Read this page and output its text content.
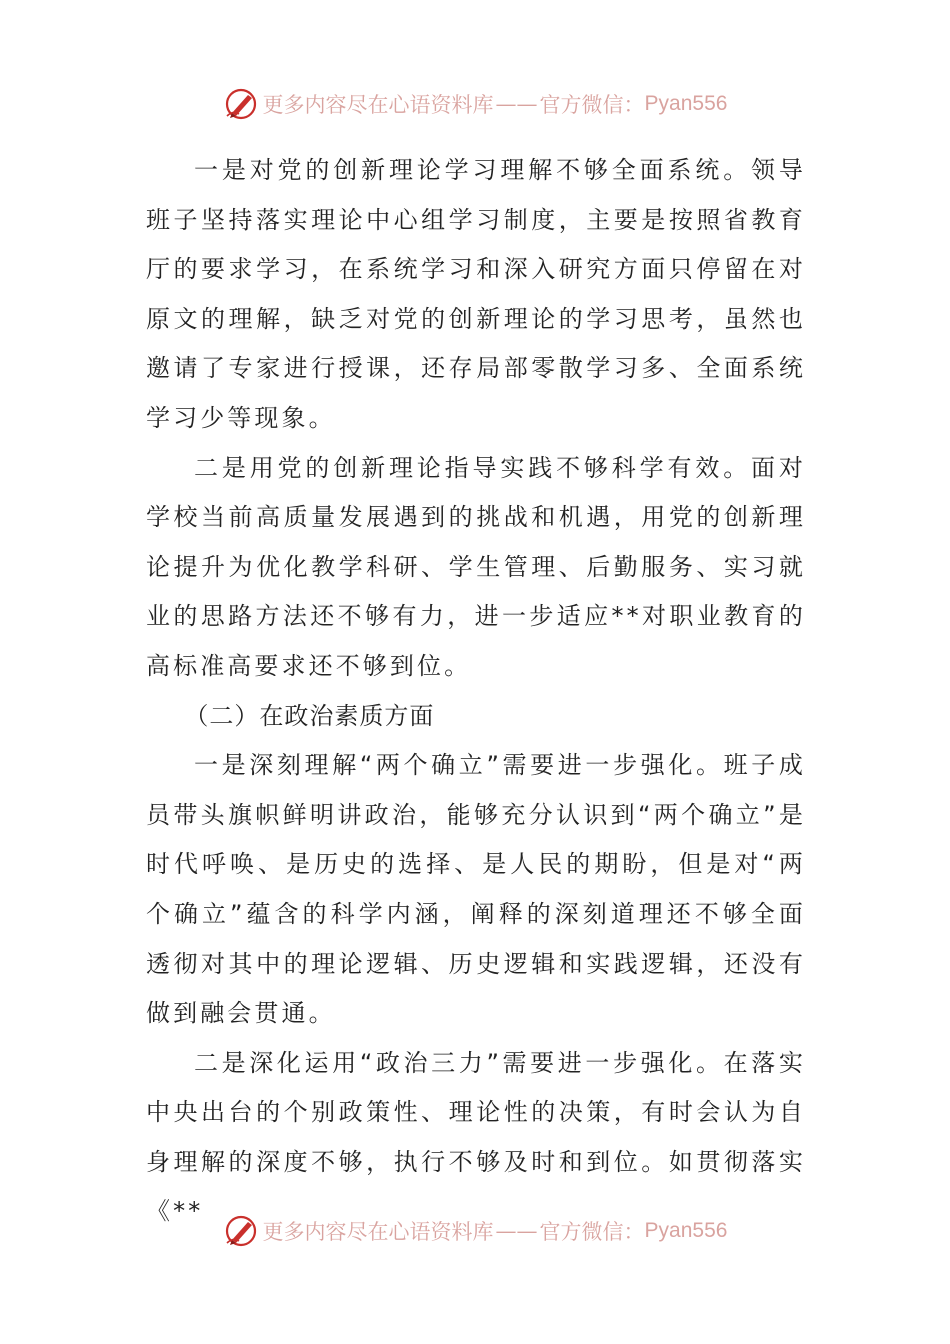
更多内容尽在心语资料库 —— 官方微信： Pyan556

一是对党的创新理论学习理解不够全面系统。领导班子坚持落实理论中心组学习制度，主要是按照省教育厅的要求学习，在系统学习和深入研究方面只停留在对原文的理解，缺乏对党的创新理论的学习思考，虽然也邀请了专家进行授课，还存局部零散学习多、全面系统学习少等现象。

二是用党的创新理论指导实践不够科学有效。面对学校当前高质量发展遇到的挑战和机遇，用党的创新理论提升为优化教学科研、学生管理、后勤服务、实习就业的思路方法还不够有力，进一步适应**对职业教育的高标准高要求还不够到位。

（二）在政治素质方面

一是深刻理解“两个确立”需要进一步强化。班子成员带头旗帜鲜明讲政治，能够充分认识到“两个确立”是时代呼唤、是历史的选择、是人民的期盼，但是对“两个确立”蕴含的科学内涵，阐释的深刻道理还不够全面透彻对其中的理论逻辑、历史逻辑和实践逻辑，还没有做到融会贯通。

二是深化运用“政治三力”需要进一步强化。在落实中央出台的个别政策性、理论性的决策，有时会认为自身理解的深度不够，执行不够及时和到位。如贯彻落实《**

更多内容尽在心语资料库 —— 官方微信： Pyan556
